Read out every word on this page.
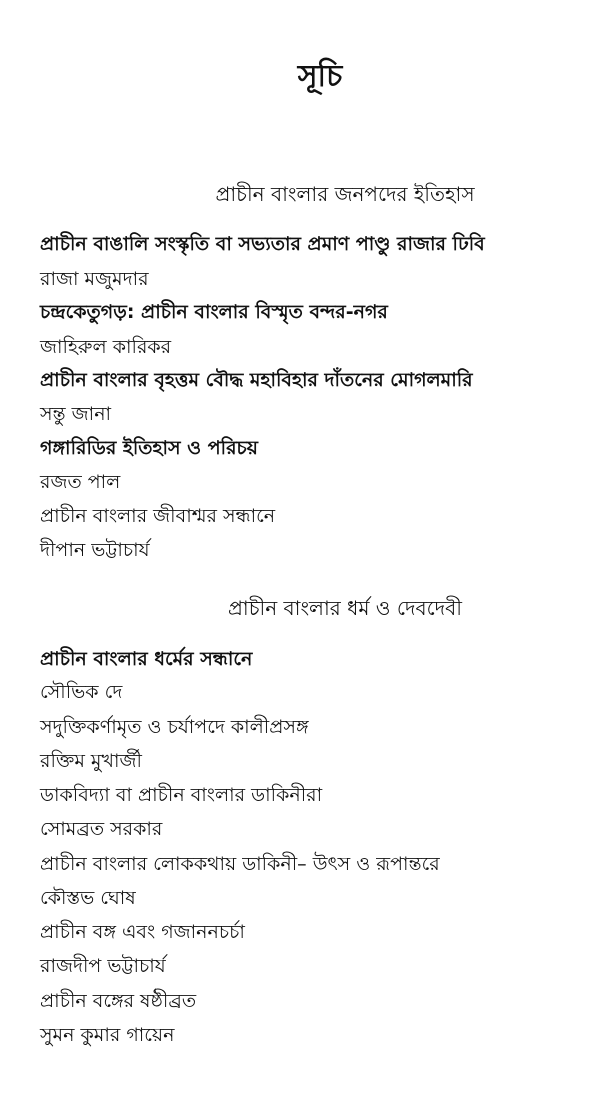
সূচি
প্রাচীন বাংলার জনপদের ইতিহাস
প্রাচীন বাঙালি সংস্কৃতি বা সভ্যতার প্রমাণ পাণ্ডু রাজার ঢিবি
রাজা মজুমদার
চন্দ্রকেতুগড়: প্রাচীন বাংলার বিস্মৃত বন্দর-নগর
জাহিরুল কারিকর
প্রাচীন বাংলার বৃহত্তম বৌদ্ধ মহাবিহার দাঁতনের মোগলমারি
সন্তু জানা
গঙ্গারিডির ইতিহাস ও পরিচয়
রজত পাল
প্রাচীন বাংলার জীবাশ্মর সন্ধানে
দীপান ভট্টাচার্য
প্রাচীন বাংলার ধর্ম ও দেবদেবী
প্রাচীন বাংলার ধর্মের সন্ধানে
সৌভিক দে
সদুক্তিকর্ণামৃত ও চর্যাপদে কালীপ্রসঙ্গ
রক্তিম মুখার্জী
ডাকবিদ্যা বা প্রাচীন বাংলার ডাকিনীরা
সোমব্রত সরকার
প্রাচীন বাংলার লোককথায় ডাকিনী– উৎস ও রূপান্তরে
কৌস্তভ ঘোষ
প্রাচীন বঙ্গ এবং গজাননচর্চা
রাজদীপ ভট্টাচার্য
প্রাচীন বঙ্গের ষষ্ঠীব্রত
সুমন কুমার গায়েন
